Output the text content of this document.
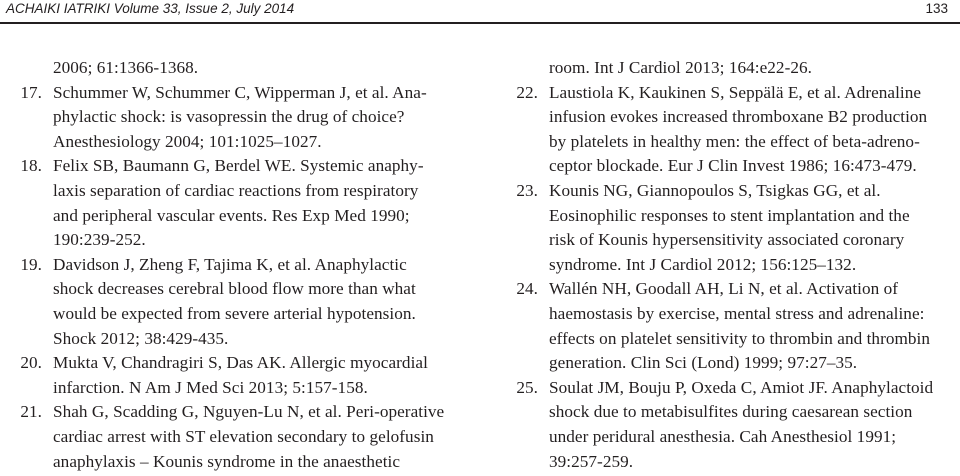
ACHAIKI IATRIKI Volume 33, Issue 2, July 2014	133
2006; 61:1366-1368.
17. Schummer W, Schummer C, Wipperman J, et al. Ana-
phylactic shock: is vasopressin the drug of choice?
Anesthesiology 2004; 101:1025–1027.
18. Felix SB, Baumann G, Berdel WE. Systemic anaphy-
laxis separation of cardiac reactions from respiratory
and peripheral vascular events. Res Exp Med 1990;
190:239-252.
19. Davidson J, Zheng F, Tajima K, et al. Anaphylactic
shock decreases cerebral blood flow more than what
would be expected from severe arterial hypotension.
Shock 2012; 38:429-435.
20. Mukta V, Chandragiri S, Das AK. Allergic myocardial
infarction. N Am J Med Sci 2013; 5:157-158.
21. Shah G, Scadding G, Nguyen-Lu N, et al. Peri-operative
cardiac arrest with ST elevation secondary to gelofusin
anaphylaxis – Kounis syndrome in the anaesthetic
room. Int J Cardiol 2013; 164:e22-26.
22. Laustiola K, Kaukinen S, Seppälä E, et al. Adrenaline
infusion evokes increased thromboxane B2 production
by platelets in healthy men: the effect of beta-adreno-
ceptor blockade. Eur J Clin Invest 1986; 16:473-479.
23. Kounis NG, Giannopoulos S, Tsigkas GG, et al.
Eosinophilic responses to stent implantation and the
risk of Kounis hypersensitivity associated coronary
syndrome. Int J Cardiol 2012; 156:125–132.
24. Wallén NH, Goodall AH, Li N, et al. Activation of
haemostasis by exercise, mental stress and adrenaline:
effects on platelet sensitivity to thrombin and thrombin
generation. Clin Sci (Lond) 1999; 97:27–35.
25. Soulat JM, Bouju P, Oxeda C, Amiot JF. Anaphylactoid
shock due to metabisulfites during caesarean section
under peridural anesthesia. Cah Anesthesiol 1991;
39:257-259.
